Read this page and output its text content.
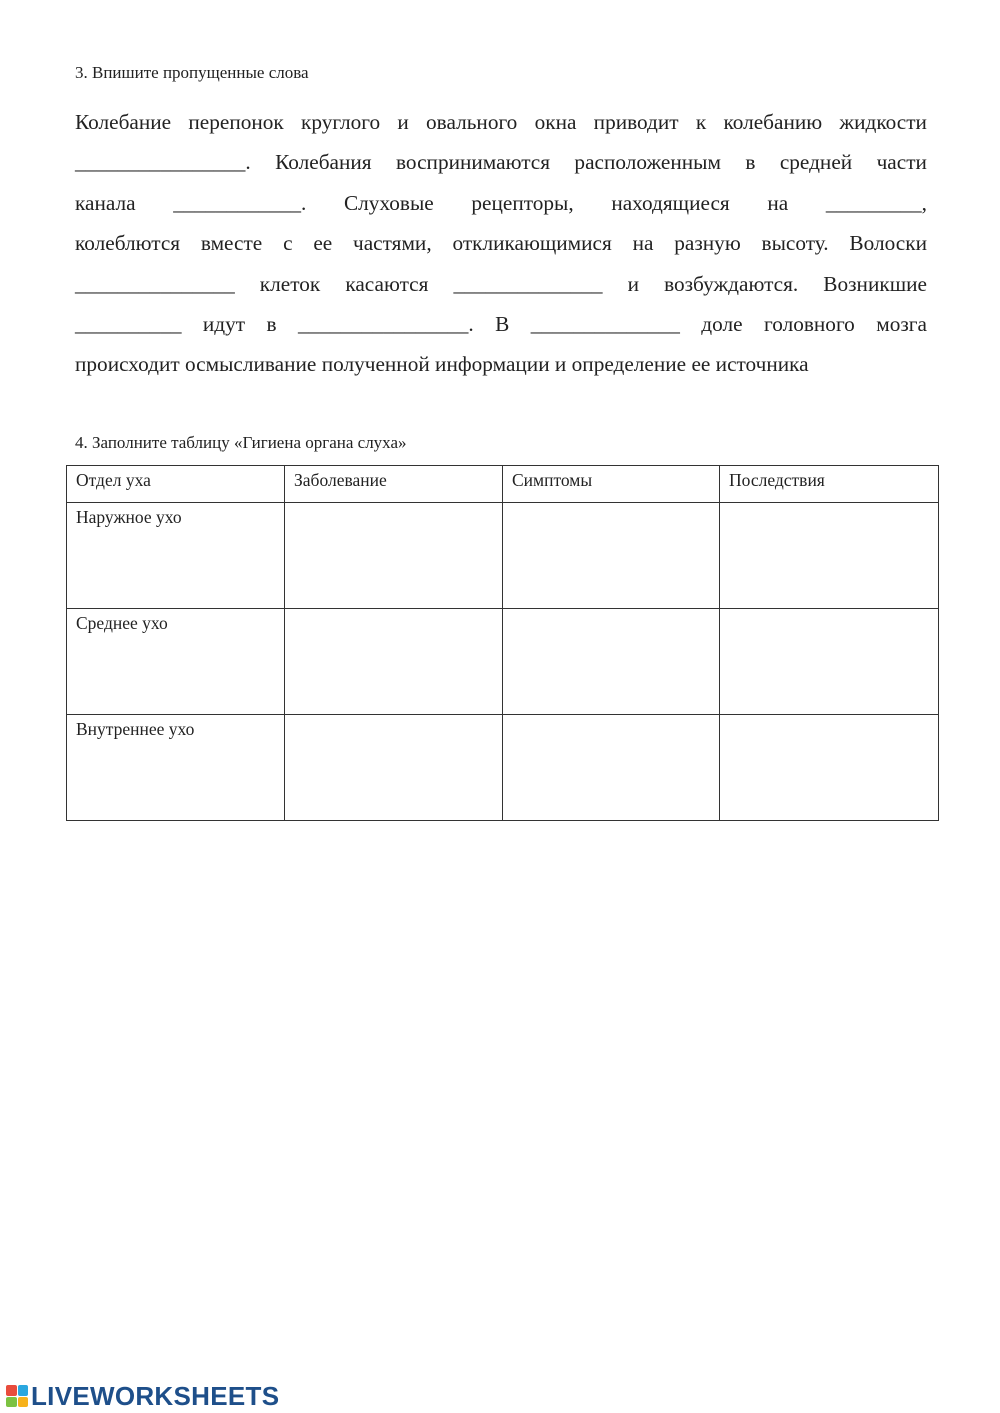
3. Впишите пропущенные слова
Колебание перепонок круглого и овального окна приводит к колебанию жидкости
________________. Колебания воспринимаются расположенным в средней части
канала ____________. Слуховые рецепторы, находящиеся на _________,
колеблются вместе с ее частями, откликающимися на разную высоту. Волоски
_______________ клеток касаются ______________ и возбуждаются. Возникшие
__________ идут в ________________. В ______________ доле головного мозга
происходит осмысливание полученной информации и определение ее источника
4. Заполните таблицу «Гигиена органа слуха»
Отдел уха	Заболевание	Симптомы	Последствия
Наружное ухо			
Среднее ухо			
Внутреннее ухо			
LIVEWORKSHEETS
